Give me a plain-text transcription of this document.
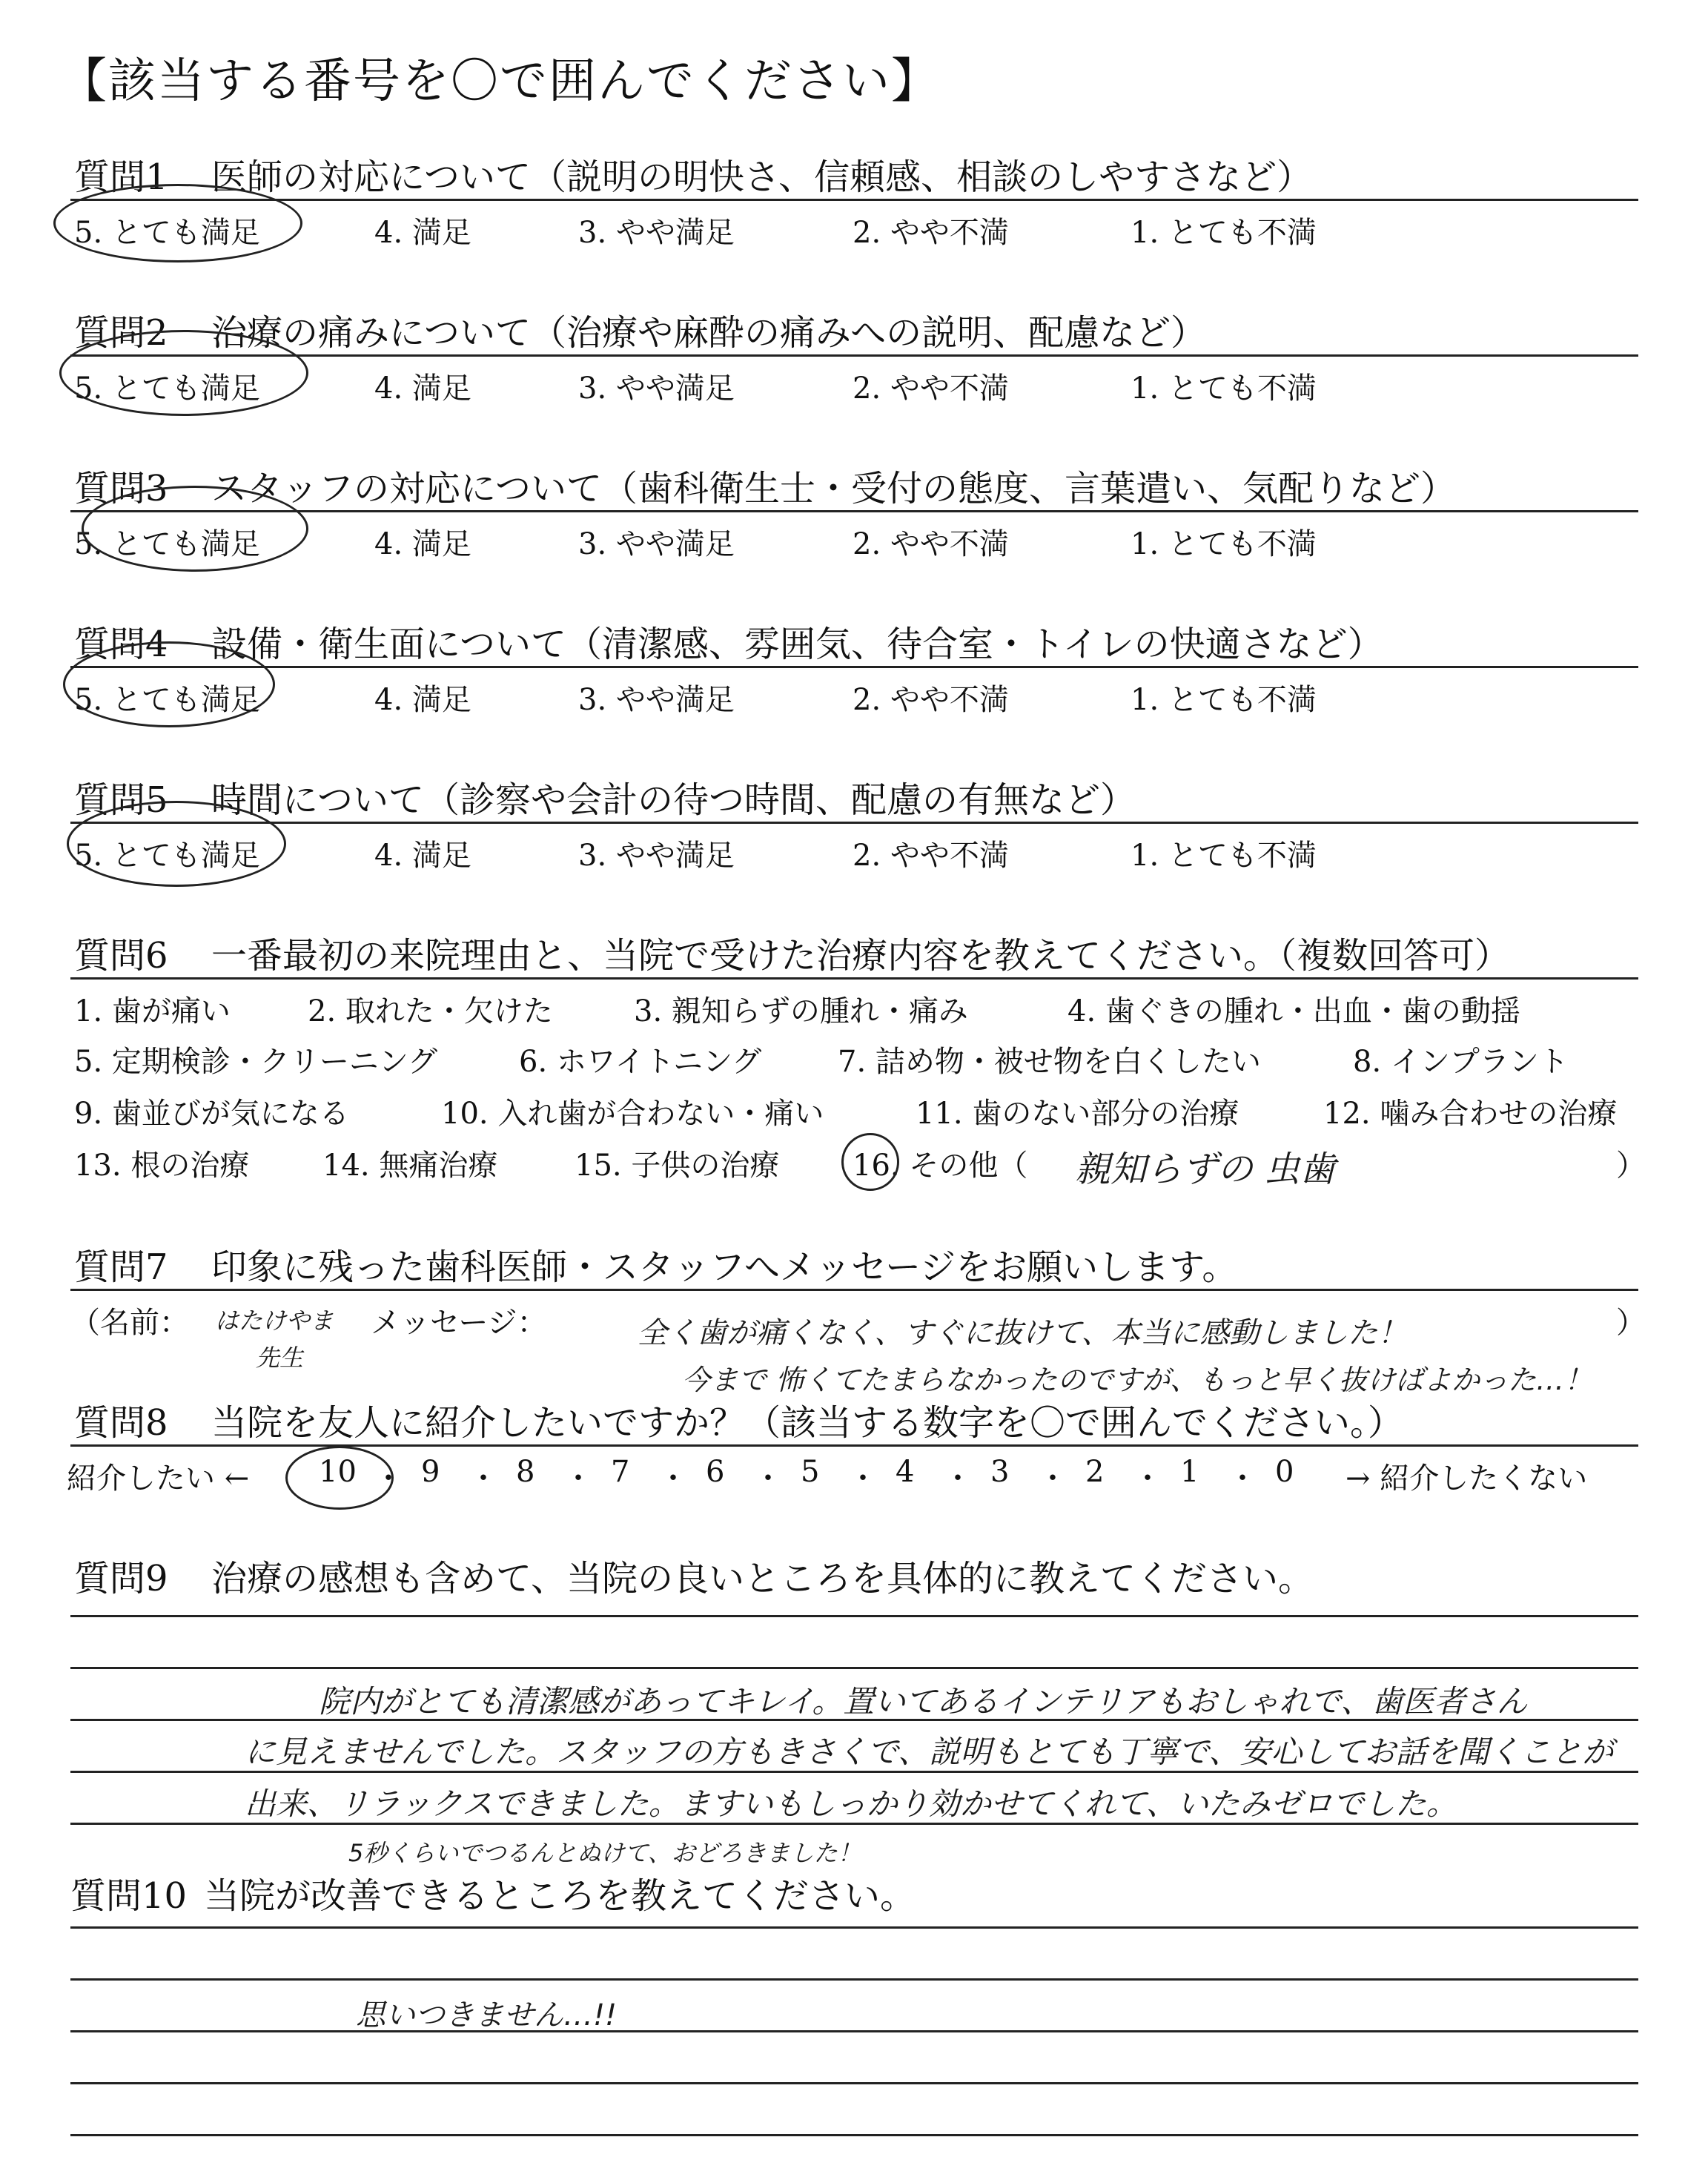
【該当する番号を〇で囲んでください】
質問1 医師の対応について（説明の明快さ、信頼感、相談のしやすさなど）
5. とても満足	4. 満足	3. やや満足	2. やや不満	1. とても不満
質問2 治療の痛みについて（治療や麻酔の痛みへの説明、配慮など）
5. とても満足	4. 満足	3. やや満足	2. やや不満	1. とても不満
質問3 スタッフの対応について（歯科衛生士・受付の態度、言葉遣い、気配りなど）
5. とても満足	4. 満足	3. やや満足	2. やや不満	1. とても不満
質問4 設備・衛生面について（清潔感、雰囲気、待合室・トイレの快適さなど）
5. とても満足	4. 満足	3. やや満足	2. やや不満	1. とても不満
質問5 時間について（診察や会計の待つ時間、配慮の有無など）
5. とても満足	4. 満足	3. やや満足	2. やや不満	1. とても不満
質問6 一番最初の来院理由と、当院で受けた治療内容を教えてください。（複数回答可）
1. 歯が痛い	2. 取れた・欠けた	3. 親知らずの腫れ・痛み	4. 歯ぐきの腫れ・出血・歯の動揺
5. 定期検診・クリーニング	6. ホワイトニング	7. 詰め物・被せ物を白くしたい	8. インプラント
9. 歯並びが気になる	10. 入れ歯が合わない・痛い	11. 歯のない部分の治療	12. 噛み合わせの治療
13. 根の治療 14. 無痛治療	15. 子供の治療 16. その他（ 親知らずの 虫歯	）
質問7 印象に残った歯科医師・スタッフへメッセージをお願いします。
（名前： はたけやま
先生
メッセージ：	）
全く歯が痛くなく、すぐに抜けて、本当に感動しました！
今まで 怖くてたまらなかったのですが、もっと早く抜けばよかった…！
質問8 当院を友人に紹介したいですか？（該当する数字を〇で囲んでください。）
紹介したい ← 10 ・ 9 ・ 8 ・ 7 ・ 6 ・ 5 ・ 4 ・ 3 ・ 2 ・ 1 ・ 0 → 紹介したくない
質問9 治療の感想も含めて、当院の良いところを具体的に教えてください。
院内がとても清潔感があってキレイ。置いてあるインテリアもおしゃれで、歯医者さん
に見えませんでした。スタッフの方もきさくで、説明もとても丁寧で、安心してお話を聞くことが
出来、リラックスできました。ますいもしっかり効かせてくれて、いたみゼロでした。
5秒くらいでつるんとぬけて、おどろきました！
質問10 当院が改善できるところを教えてください。
思いつきません…!!
